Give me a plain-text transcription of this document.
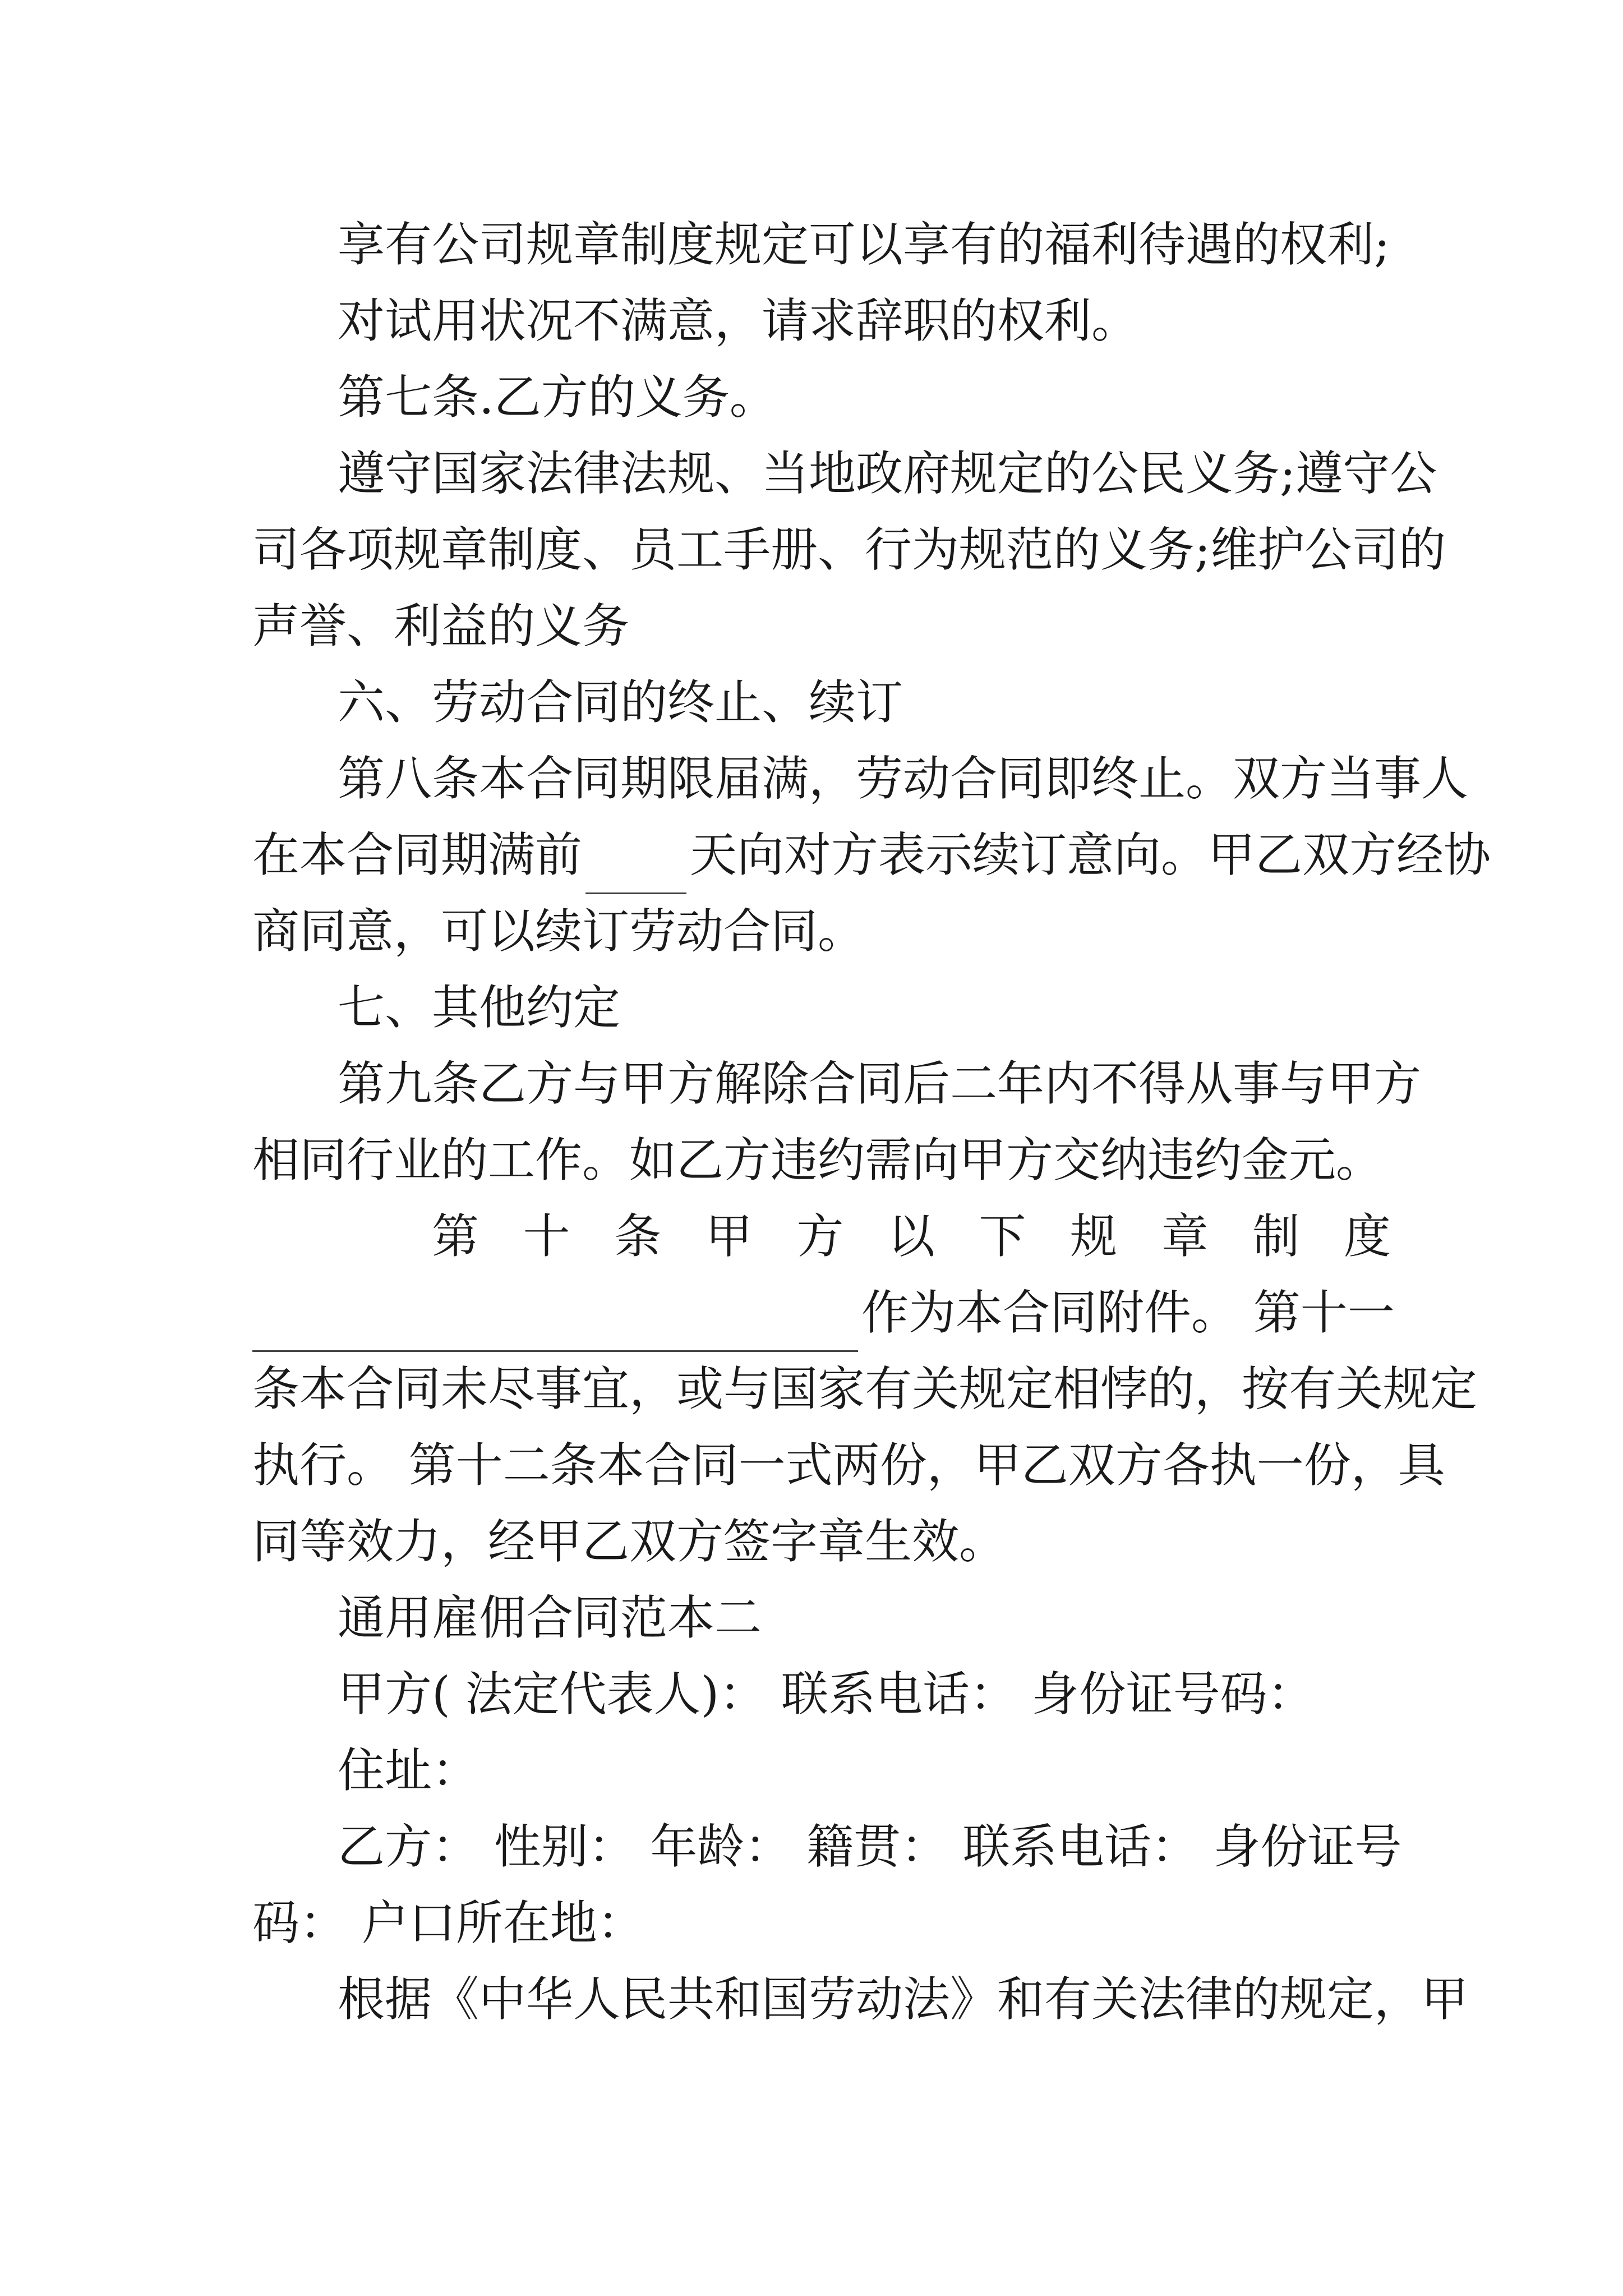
享有公司规章制度规定可以享有的福利待遇的权利;
对试用状况不满意，请求辞职的权利。
第七条.乙方的义务。
遵守国家法律法规、当地政府规定的公民义务;遵守公
司各项规章制度、员工手册、行为规范的义务;维护公司的
声誉、利益的义务
六、劳动合同的终止、续订
第八条本合同期限届满，劳动合同即终止。双方当事人
在本合同期满前 天向对方表示续订意向。甲乙双方经协
商同意，可以续订劳动合同。
七、其他约定
第九条乙方与甲方解除合同后二年内不得从事与甲方
相同行业的工作。如乙方违约需向甲方交纳违约金元。
第 十 条 甲 方 以 下 规 章 制 度
作为本合同附件。 第十一
条本合同未尽事宜，或与国家有关规定相悖的，按有关规定
执行。 第十二条本合同一式两份，甲乙双方各执一份，具
同等效力，经甲乙双方签字章生效。
通用雇佣合同范本二
甲方( 法定代表人)： 联系电话： 身份证号码：
住址：
乙方： 性别： 年龄： 籍贯： 联系电话： 身份证号
码： 户口所在地：
根据《中华人民共和国劳动法》和有关法律的规定，甲
